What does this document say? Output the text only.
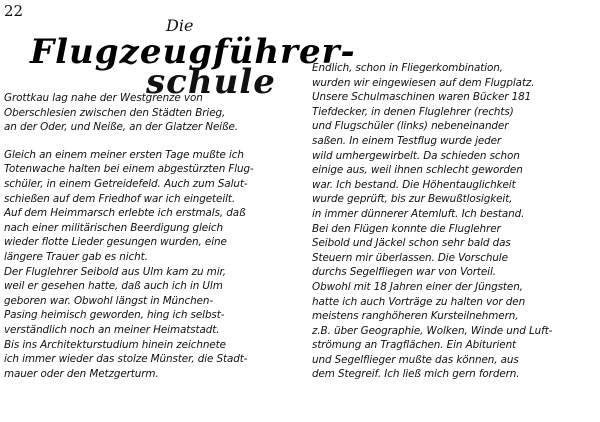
22
Die
Flugzeugführer-
schule

Grottkau lag nahe der Westgrenze von
Oberschlesien zwischen den Städten Brieg,
an der Oder, und Neiße, an der Glatzer Neiße.

Gleich an einem meiner ersten Tage mußte ich
Totenwache halten bei einem abgestürzten Flug-
schüler, in einem Getreidefeld. Auch zum Salut-
schießen auf dem Friedhof war ich eingeteilt.
Auf dem Heimmarsch erlebte ich erstmals, daß
nach einer militärischen Beerdigung gleich
wieder flotte Lieder gesungen wurden, eine
längere Trauer gab es nicht.
Der Fluglehrer Seibold aus Ulm kam zu mir,
weil er gesehen hatte, daß auch ich in Ulm
geboren war. Obwohl längst in München-
Pasing heimisch geworden, hing ich selbst-
verständlich noch an meiner Heimatstadt.
Bis ins Architekturstudium hinein zeichnete
ich immer wieder das stolze Münster, die Stadt-
mauer oder den Metzgerturm.

Endlich, schon in Fliegerkombination,
wurden wir eingewiesen auf dem Flugplatz.
Unsere Schulmaschinen waren Bücker 181
Tiefdecker, in denen Fluglehrer (rechts)
und Flugschüler (links) nebeneinander
saßen. In einem Testflug wurde jeder
wild umhergewirbelt. Da schieden schon
einige aus, weil ihnen schlecht geworden
war. Ich bestand. Die Höhentauglichkeit
wurde geprüft, bis zur Bewußtlosigkeit,
in immer dünnerer Atemluft. Ich bestand.
Bei den Flügen konnte die Fluglehrer
Seibold und Jäckel schon sehr bald das
Steuern mir überlassen. Die Vorschule
durchs Segelfliegen war von Vorteil.
Obwohl mit 18 Jahren einer der Jüngsten,
hatte ich auch Vorträge zu halten vor den
meistens ranghöheren Kursteilnehmern,
z.B. über Geographie, Wolken, Winde und Luft-
strömung an Tragflächen. Ein Abiturient
und Segelflieger mußte das können, aus
dem Stegreif. Ich ließ mich gern fordern.
